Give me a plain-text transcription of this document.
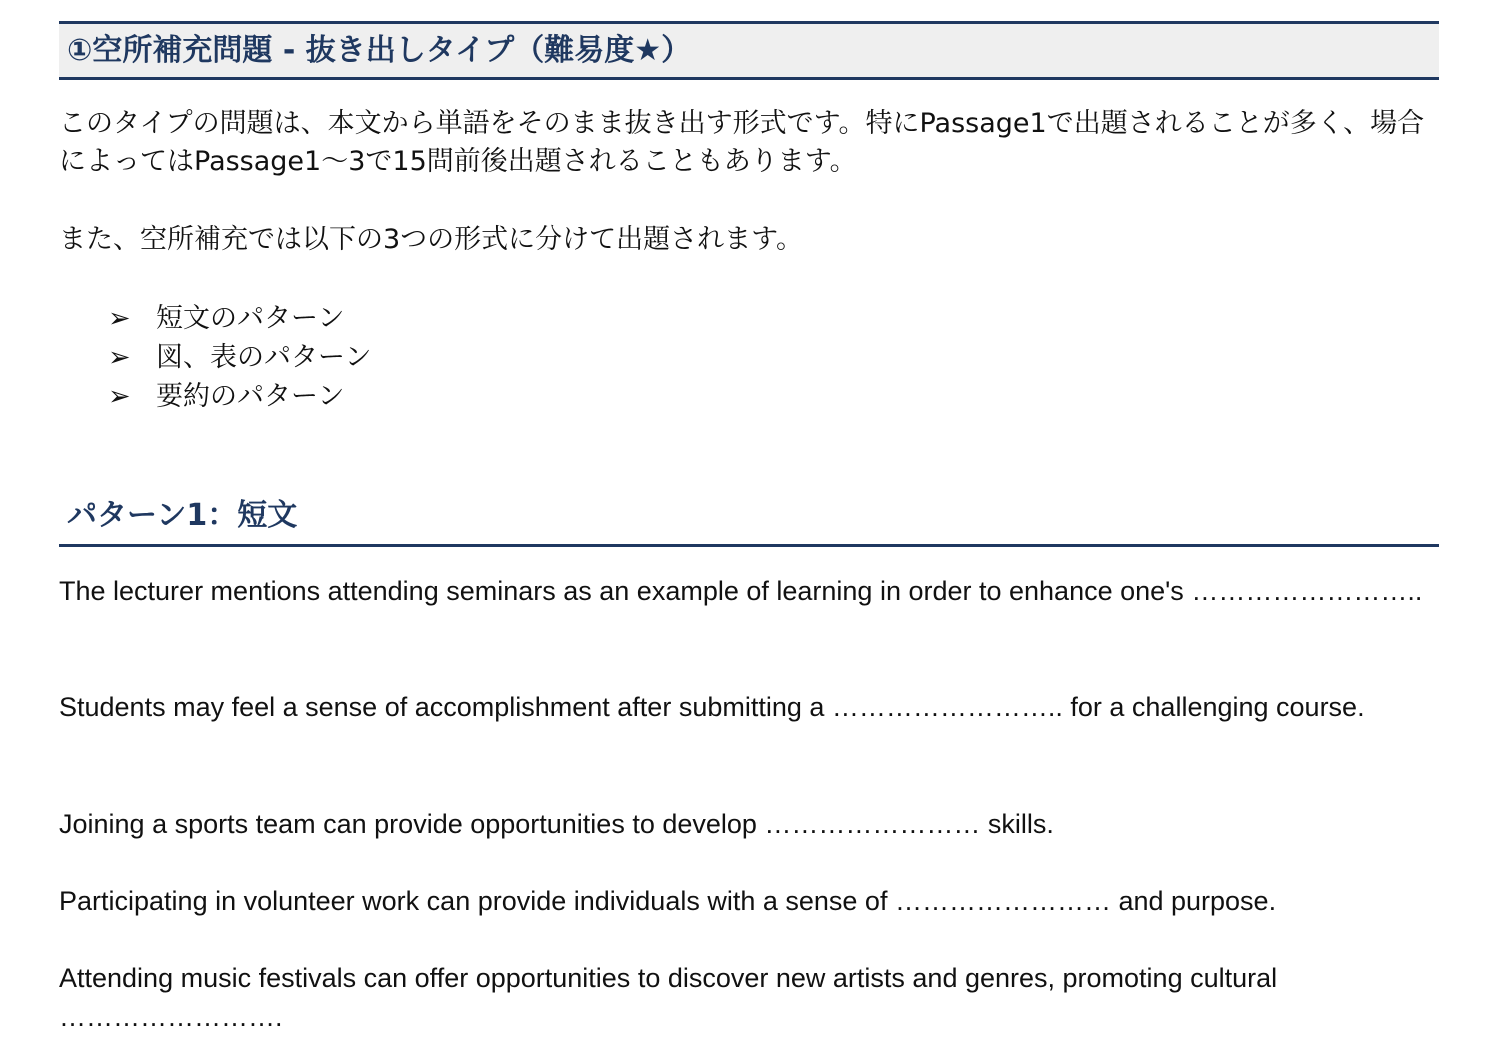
①空所補充問題 - 抜き出しタイプ（難易度★）
このタイプの問題は、本文から単語をそのまま抜き出す形式です。特にPassage1で出題されることが多く、場合によってはPassage1～3で15問前後出題されることもあります。
また、空所補充では以下の3つの形式に分けて出題されます。
➢ 短文のパターン
➢ 図、表のパターン
➢ 要約のパターン
パターン1：短文
The lecturer mentions attending seminars as an example of learning in order to enhance one's ……………………..
Students may feel a sense of accomplishment after submitting a …………………….. for a challenging course.
Joining a sports team can provide opportunities to develop …………………… skills.
Participating in volunteer work can provide individuals with a sense of …………………… and purpose.
Attending music festivals can offer opportunities to discover new artists and genres, promoting cultural …………………….
